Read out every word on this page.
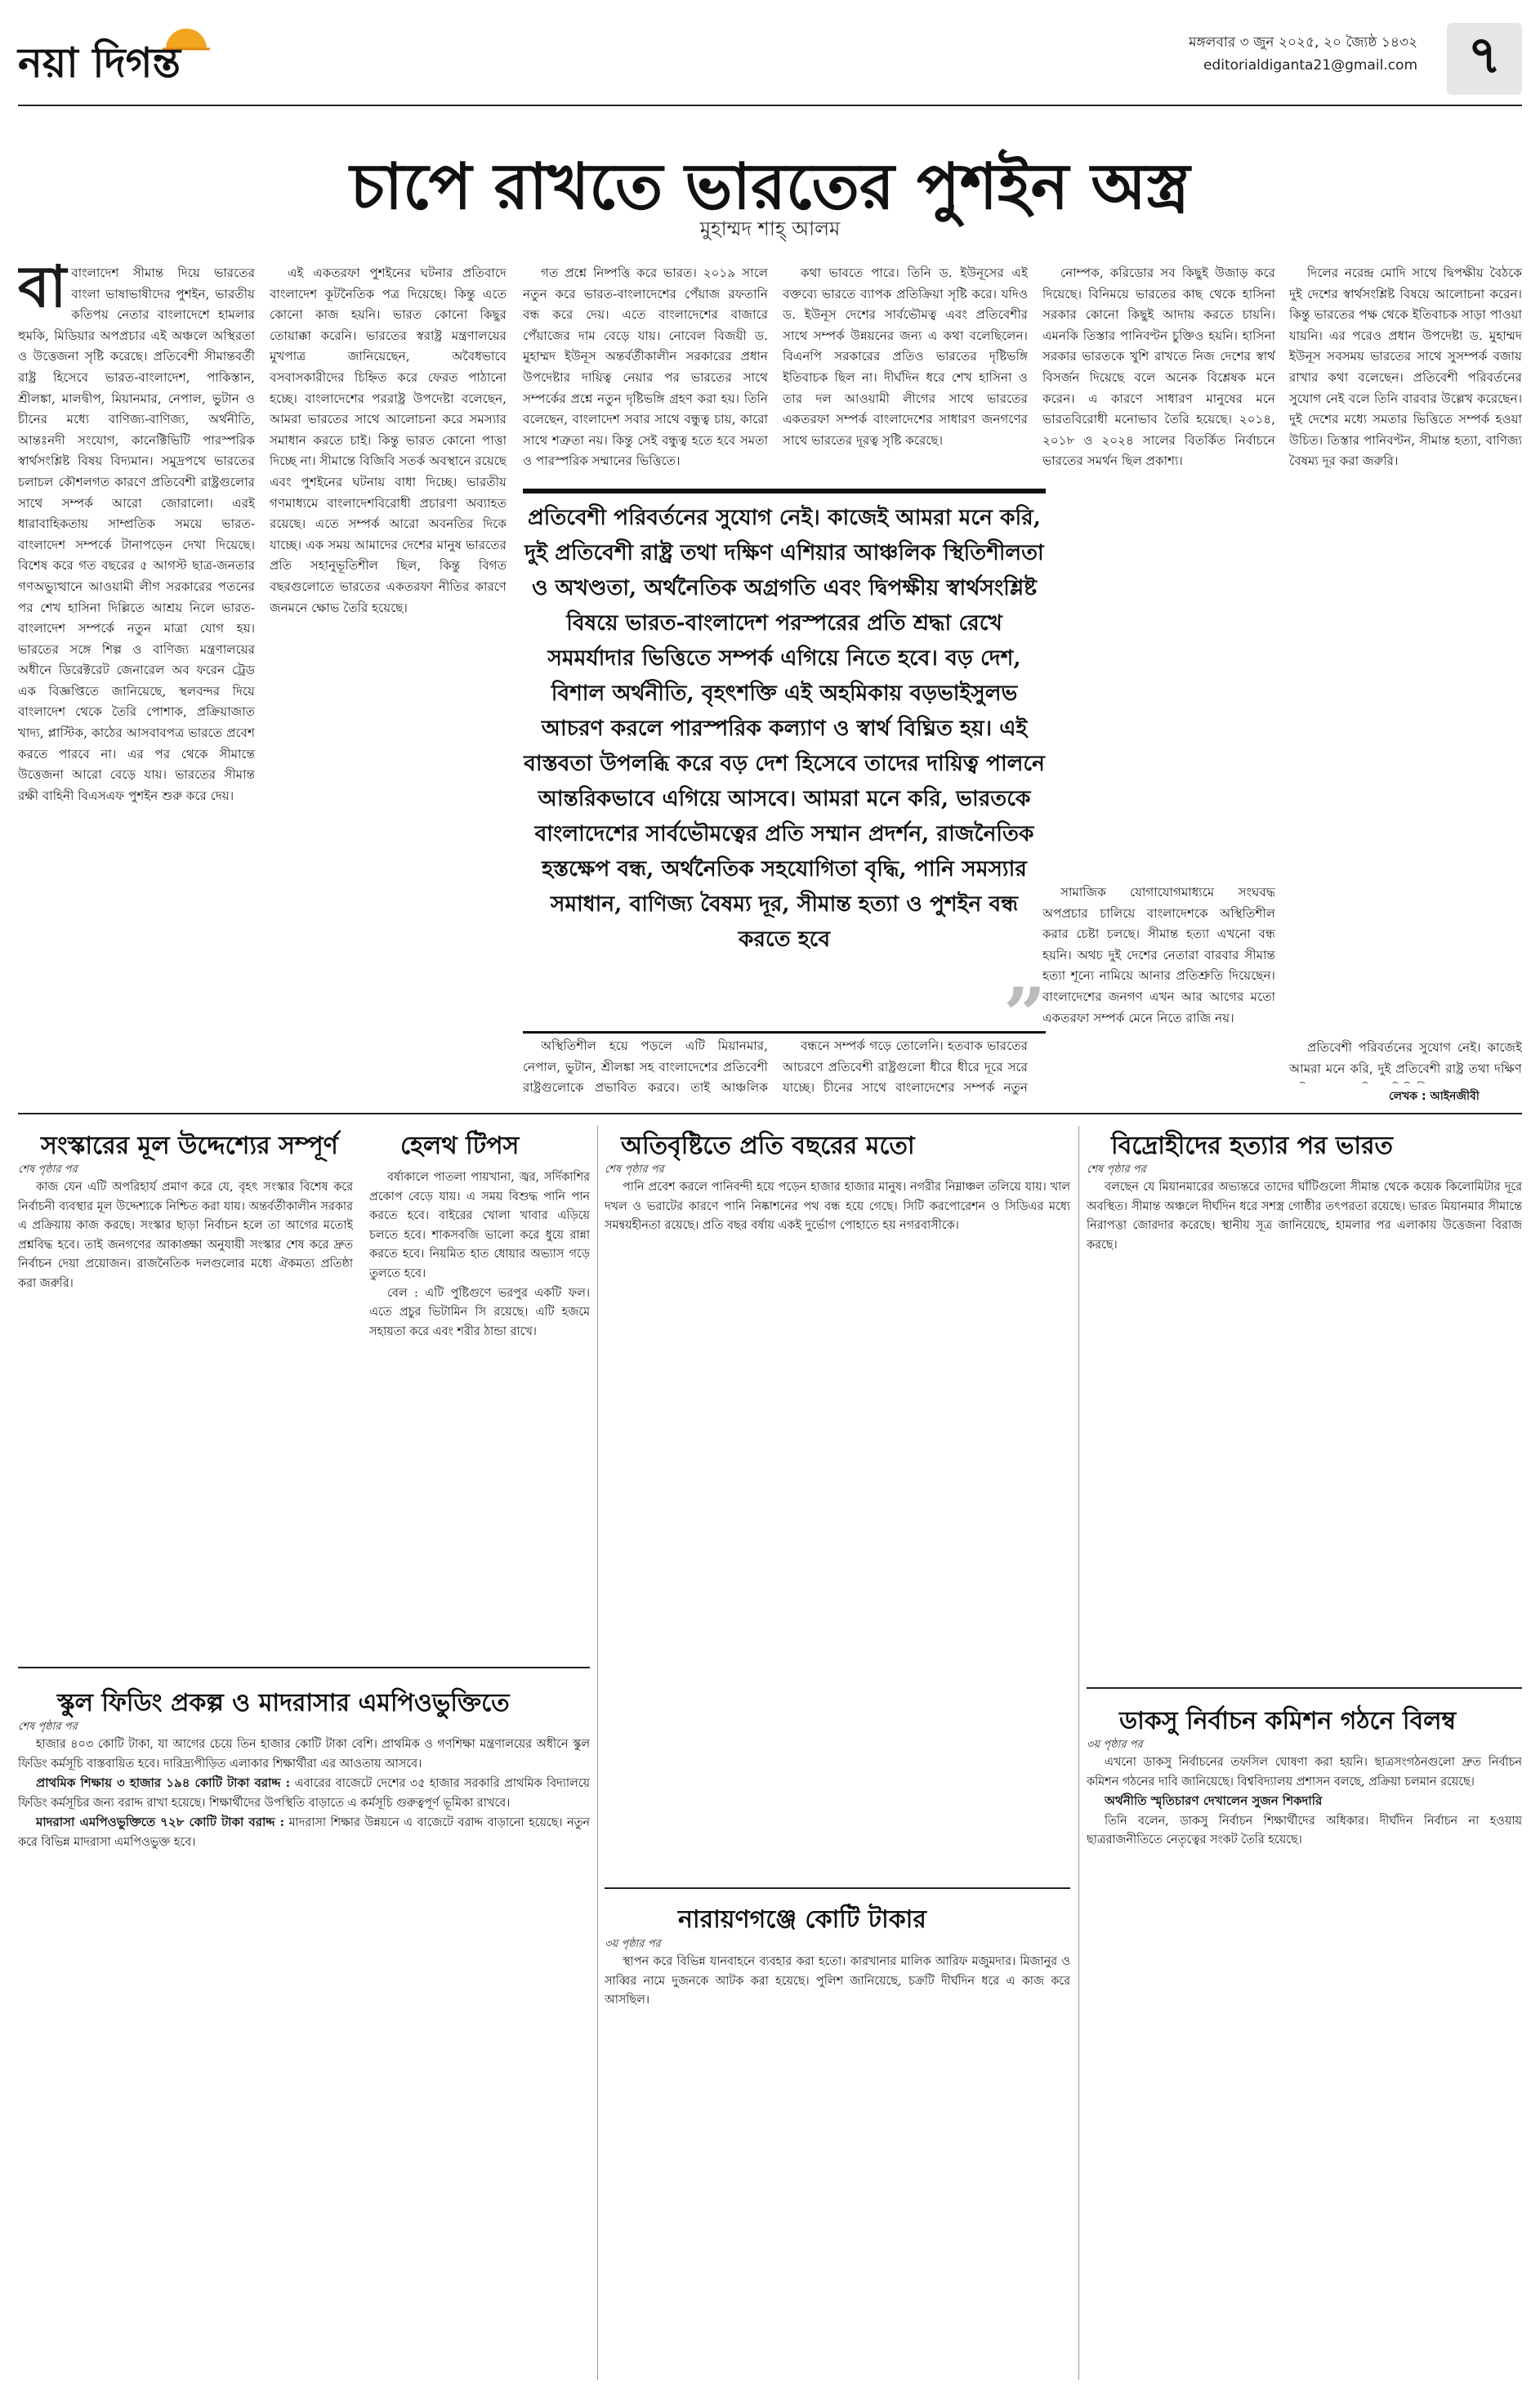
নয়া দিগন্ত	মঙ্গলবার ৩ জুন ২০২৫, ২০ জ্যৈষ্ঠ ১৪৩২
editorialdiganta21@gmail.com ৭
চাপে রাখতে ভারতের পুশইন অস্ত্র
মুহাম্মদ শাহ্‌ আলম

বাবাংলাদেশ সীমান্ত দিয়ে ভারতের বাংলা ভাষাভাষীদের পুশইন, ভারতীয় কতিপয় নেতার বাংলাদেশে হামলার হুমকি, মিডিয়ার অপপ্রচার এই অঞ্চলে অস্থিরতা ও উত্তেজনা সৃষ্টি করেছে। প্রতিবেশী সীমান্তবর্তী রাষ্ট্র হিসেবে ভারত-বাংলাদেশ, পাকিস্তান, শ্রীলঙ্কা, মালদ্বীপ, মিয়ানমার, নেপাল, ভুটান ও চীনের মধ্যে বাণিজ্য-বাণিজ্য, অর্থনীতি, আন্তঃনদী সংযোগ, কানেক্টিভিটি পারস্পরিক স্বার্থসংশ্লিষ্ট বিষয় বিদ্যমান। সমুদ্রপথে ভারতের চলাচল কৌশলগত কারণে প্রতিবেশী রাষ্ট্রগুলোর সাথে সম্পর্ক আরো জোরালো। এরই ধারাবাহিকতায় সাম্প্রতিক সময়ে ভারত-বাংলাদেশ সম্পর্কে টানাপড়েন দেখা দিয়েছে। বিশেষ করে গত বছরের ৫ আগস্ট ছাত্র-জনতার গণঅভ্যুত্থানে আওয়ামী লীগ সরকারের পতনের পর শেখ হাসিনা দিল্লিতে আশ্রয় নিলে ভারত-বাংলাদেশ সম্পর্কে নতুন মাত্রা যোগ হয়। ভারতের সঙ্গে শিল্প ও বাণিজ্য মন্ত্রণালয়ের অধীনে ডিরেক্টরেট জেনারেল অব ফরেন ট্রেড এক বিজ্ঞপ্তিতে জানিয়েছে, স্থলবন্দর দিয়ে বাংলাদেশ থেকে তৈরি পোশাক, প্রক্রিয়াজাত খাদ্য, প্লাস্টিক, কাঠের আসবাবপত্র ভারতে প্রবেশ করতে পারবে না। এর পর থেকে সীমান্তে উত্তেজনা আরো বেড়ে যায়। ভারতের সীমান্ত রক্ষী বাহিনী বিএসএফ পুশইন শুরু করে দেয়।

এই একতরফা পুশইনের ঘটনার প্রতিবাদে বাংলাদেশ কূটনৈতিক পত্র দিয়েছে। কিন্তু এতে কোনো কাজ হয়নি। ভারত কোনো কিছুর তোয়াক্কা করেনি। ভারতের স্বরাষ্ট্র মন্ত্রণালয়ের মুখপাত্র জানিয়েছেন, অবৈধভাবে বসবাসকারীদের চিহ্নিত করে ফেরত পাঠানো হচ্ছে। বাংলাদেশের পররাষ্ট্র উপদেষ্টা বলেছেন, আমরা ভারতের সাথে আলোচনা করে সমস্যার সমাধান করতে চাই। কিন্তু ভারত কোনো পাত্তা দিচ্ছে না। সীমান্তে বিজিবি সতর্ক অবস্থানে রয়েছে এবং পুশইনের ঘটনায় বাধা দিচ্ছে। ভারতীয় গণমাধ্যমে বাংলাদেশবিরোধী প্রচারণা অব্যাহত রয়েছে। এতে সম্পর্ক আরো অবনতির দিকে যাচ্ছে। এক সময় আমাদের দেশের মানুষ ভারতের প্রতি সহানুভূতিশীল ছিল, কিন্তু বিগত বছরগুলোতে ভারতের একতরফা নীতির কারণে জনমনে ক্ষোভ তৈরি হয়েছে।

গত প্রশ্নে নিষ্পত্তি করে ভারত। ২০১৯ সালে নতুন করে ভারত-বাংলাদেশের পেঁয়াজ রফতানি বন্ধ করে দেয়। এতে বাংলাদেশের বাজারে পেঁয়াজের দাম বেড়ে যায়। নোবেল বিজয়ী ড. মুহাম্মদ ইউনূস অন্তর্বর্তীকালীন সরকারের প্রধান উপদেষ্টার দায়িত্ব নেয়ার পর ভারতের সাথে সম্পর্কের প্রশ্নে নতুন দৃষ্টিভঙ্গি গ্রহণ করা হয়। তিনি বলেছেন, বাংলাদেশ সবার সাথে বন্ধুত্ব চায়, কারো সাথে শত্রুতা নয়। কিন্তু সেই বন্ধুত্ব হতে হবে সমতা ও পারস্পরিক সম্মানের ভিত্তিতে।

কথা ভাবতে পারে। তিনি ড. ইউনূসের এই বক্তব্যে ভারতে ব্যাপক প্রতিক্রিয়া সৃষ্টি করে। যদিও ড. ইউনূস দেশের সার্বভৌমত্ব এবং প্রতিবেশীর সাথে সম্পর্ক উন্নয়নের জন্য এ কথা বলেছিলেন। বিএনপি সরকারের প্রতিও ভারতের দৃষ্টিভঙ্গি ইতিবাচক ছিল না। দীর্ঘদিন ধরে শেখ হাসিনা ও তার দল আওয়ামী লীগের সাথে ভারতের একতরফা সম্পর্ক বাংলাদেশের সাধারণ জনগণের সাথে ভারতের দূরত্ব সৃষ্টি করেছে।

নোম্পক, করিডোর সব কিছুই উজাড় করে দিয়েছে। বিনিময়ে ভারতের কাছ থেকে হাসিনা সরকার কোনো কিছুই আদায় করতে চায়নি। এমনকি তিস্তার পানিবণ্টন চুক্তিও হয়নি। হাসিনা সরকার ভারতকে খুশি রাখতে নিজ দেশের স্বার্থ বিসর্জন দিয়েছে বলে অনেক বিশ্লেষক মনে করেন। এ কারণে সাধারণ মানুষের মনে ভারতবিরোধী মনোভাব তৈরি হয়েছে। ২০১৪, ২০১৮ ও ২০২৪ সালের বিতর্কিত নির্বাচনে ভারতের সমর্থন ছিল প্রকাশ্য।

দিলের নরেন্দ্র মোদি সাথে দ্বিপক্ষীয় বৈঠকে দুই দেশের স্বার্থসংশ্লিষ্ট বিষয়ে আলোচনা করেন। কিন্তু ভারতের পক্ষ থেকে ইতিবাচক সাড়া পাওয়া যায়নি। এর পরেও প্রধান উপদেষ্টা ড. মুহাম্মদ ইউনূস সবসময় ভারতের সাথে সুসম্পর্ক বজায় রাখার কথা বলেছেন। প্রতিবেশী পরিবর্তনের সুযোগ নেই বলে তিনি বারবার উল্লেখ করেছেন। দুই দেশের মধ্যে সমতার ভিত্তিতে সম্পর্ক হওয়া উচিত। তিস্তার পানিবণ্টন, সীমান্ত হত্যা, বাণিজ্য বৈষম্য দূর করা জরুরি।

প্রতিবেশী পরিবর্তনের সুযোগ নেই। কাজেই আমরা মনে করি, দুই প্রতিবেশী রাষ্ট্র তথা দক্ষিণ এশিয়ার আঞ্চলিক স্থিতিশীলতা ও অখণ্ডতা, অর্থনৈতিক অগ্রগতি এবং দ্বিপক্ষীয় স্বার্থসংশ্লিষ্ট বিষয়ে ভারত-বাংলাদেশ পরস্পরের প্রতি শ্রদ্ধা রেখে সমমর্যাদার ভিত্তিতে সম্পর্ক এগিয়ে নিতে হবে। বড় দেশ, বিশাল অর্থনীতি, বৃহৎশক্তি এই অহমিকায় বড়ভাইসুলভ আচরণ করলে পারস্পরিক কল্যাণ ও স্বার্থ বিঘ্নিত হয়। এই বাস্তবতা উপলব্ধি করে বড় দেশ হিসেবে তাদের দায়িত্ব পালনে আন্তরিকভাবে এগিয়ে আসবে। আমরা মনে করি, ভারতকে বাংলাদেশের সার্বভৌমত্বের প্রতি সম্মান প্রদর্শন, রাজনৈতিক হস্তক্ষেপ বন্ধ, অর্থনৈতিক সহযোগিতা বৃদ্ধি, পানি সমস্যার সমাধান, বাণিজ্য বৈষম্য দূর, সীমান্ত হত্যা ও পুশইন বন্ধ করতে হবে
”

অস্থিতিশীল হয়ে পড়লে এটি মিয়ানমার, নেপাল, ভুটান, শ্রীলঙ্কা সহ বাংলাদেশের প্রতিবেশী রাষ্ট্রগুলোকে প্রভাবিত করবে। তাই আঞ্চলিক

বন্ধনে সম্পর্ক গড়ে তোলেনি। হতবাক ভারতের আচরণে প্রতিবেশী রাষ্ট্রগুলো ধীরে ধীরে দূরে সরে যাচ্ছে। চীনের সাথে বাংলাদেশের সম্পর্ক নতুন

সামাজিক যোগাযোগমাধ্যমে সংঘবদ্ধ অপপ্রচার চালিয়ে বাংলাদেশকে অস্থিতিশীল করার চেষ্টা চলছে। সীমান্ত হত্যা এখনো বন্ধ হয়নি। অথচ দুই দেশের নেতারা বারবার সীমান্ত হত্যা শূন্যে নামিয়ে আনার প্রতিশ্রুতি দিয়েছেন। বাংলাদেশের জনগণ এখন আর আগের মতো একতরফা সম্পর্ক মেনে নিতে রাজি নয়।

প্রতিবেশী পরিবর্তনের সুযোগ নেই। কাজেই আমরা মনে করি, দুই প্রতিবেশী রাষ্ট্র তথা দক্ষিণ

লেখক : আইনজীবী
সংস্কারের মূল উদ্দেশ্যের সম্পূর্ণ
শেষ পৃষ্ঠার পর

কাজ যেন এটি অপরিহার্য প্রমাণ করে যে, বৃহৎ সংস্কার বিশেষ করে নির্বাচনী ব্যবস্থার মূল উদ্দেশ্যকে নিশ্চিত করা যায়। অন্তর্বর্তীকালীন সরকার এ প্রক্রিয়ায় কাজ করছে। সংস্কার ছাড়া নির্বাচন হলে তা আগের মতোই প্রশ্নবিদ্ধ হবে। তাই জনগণের আকাঙ্ক্ষা অনুযায়ী সংস্কার শেষ করে দ্রুত নির্বাচন দেয়া প্রয়োজন। রাজনৈতিক দলগুলোর মধ্যে ঐকমত্য প্রতিষ্ঠা করা জরুরি।

হেলথ টিপস

বর্ষাকালে পাতলা পায়খানা, জ্বর, সর্দিকাশির প্রকোপ বেড়ে যায়। এ সময় বিশুদ্ধ পানি পান করতে হবে। বাইরের খোলা খাবার এড়িয়ে চলতে হবে। শাকসবজি ভালো করে ধুয়ে রান্না করতে হবে। নিয়মিত হাত ধোয়ার অভ্যাস গড়ে তুলতে হবে।

বেল : এটি পুষ্টিগুণে ভরপুর একটি ফল। এতে প্রচুর ভিটামিন সি রয়েছে। এটি হজমে সহায়তা করে এবং শরীর ঠান্ডা রাখে।

অতিবৃষ্টিতে প্রতি বছরের মতো
শেষ পৃষ্ঠার পর

পানি প্রবেশ করলে পানিবন্দী হয়ে পড়েন হাজার হাজার মানুষ। নগরীর নিম্নাঞ্চল তলিয়ে যায়। খাল দখল ও ভরাটের কারণে পানি নিষ্কাশনের পথ বন্ধ হয়ে গেছে। সিটি করপোরেশন ও সিডিএর মধ্যে সমন্বয়হীনতা রয়েছে। প্রতি বছর বর্ষায় একই দুর্ভোগ পোহাতে হয় নগরবাসীকে।

বিদ্রোহীদের হত্যার পর ভারত
শেষ পৃষ্ঠার পর

বলছেন যে মিয়ানমারের অভ্যন্তরে তাদের ঘাঁটিগুলো সীমান্ত থেকে কয়েক কিলোমিটার দূরে অবস্থিত। সীমান্ত অঞ্চলে দীর্ঘদিন ধরে সশস্ত্র গোষ্ঠীর তৎপরতা রয়েছে। ভারত মিয়ানমার সীমান্তে নিরাপত্তা জোরদার করেছে। স্থানীয় সূত্র জানিয়েছে, হামলার পর এলাকায় উত্তেজনা বিরাজ করছে।

স্কুল ফিডিং প্রকল্প ও মাদরাসার এমপিওভুক্তিতে
শেষ পৃষ্ঠার পর

হাজার ৪০৩ কোটি টাকা, যা আগের চেয়ে তিন হাজার কোটি টাকা বেশি। প্রাথমিক ও গণশিক্ষা মন্ত্রণালয়ের অধীনে স্কুল ফিডিং কর্মসূচি বাস্তবায়িত হবে। দারিদ্র্যপীড়িত এলাকার শিক্ষার্থীরা এর আওতায় আসবে।

প্রাথমিক শিক্ষায় ৩ হাজার ১৯৪ কোটি টাকা বরাদ্দ : এবারের বাজেটে দেশের ৩৫ হাজার সরকারি প্রাথমিক বিদ্যালয়ে ফিডিং কর্মসূচির জন্য বরাদ্দ রাখা হয়েছে। শিক্ষার্থীদের উপস্থিতি বাড়াতে এ কর্মসূচি গুরুত্বপূর্ণ ভূমিকা রাখবে।

মাদরাসা এমপিওভুক্তিতে ৭২৮ কোটি টাকা বরাদ্দ : মাদরাসা শিক্ষার উন্নয়নে এ বাজেটে বরাদ্দ বাড়ানো হয়েছে। নতুন করে বিভিন্ন মাদরাসা এমপিওভুক্ত হবে।

নারায়ণগঞ্জে কোটি টাকার
৩য় পৃষ্ঠার পর

স্থাপন করে বিভিন্ন যানবাহনে ব্যবহার করা হতো। কারখানার মালিক আরিফ মজুমদার। মিজানুর ও সাব্বির নামে দুজনকে আটক করা হয়েছে। পুলিশ জানিয়েছে, চক্রটি দীর্ঘদিন ধরে এ কাজ করে আসছিল।

ডাকসু নির্বাচন কমিশন গঠনে বিলম্ব
৩য় পৃষ্ঠার পর

এখনো ডাকসু নির্বাচনের তফসিল ঘোষণা করা হয়নি। ছাত্রসংগঠনগুলো দ্রুত নির্বাচন কমিশন গঠনের দাবি জানিয়েছে। বিশ্ববিদ্যালয় প্রশাসন বলছে, প্রক্রিয়া চলমান রয়েছে।

অর্থনীতি স্মৃতিচারণ দেখালেন সুজন শিকদারি

তিনি বলেন, ডাকসু নির্বাচন শিক্ষার্থীদের অধিকার। দীর্ঘদিন নির্বাচন না হওয়ায় ছাত্ররাজনীতিতে নেতৃত্বের সংকট তৈরি হয়েছে।
